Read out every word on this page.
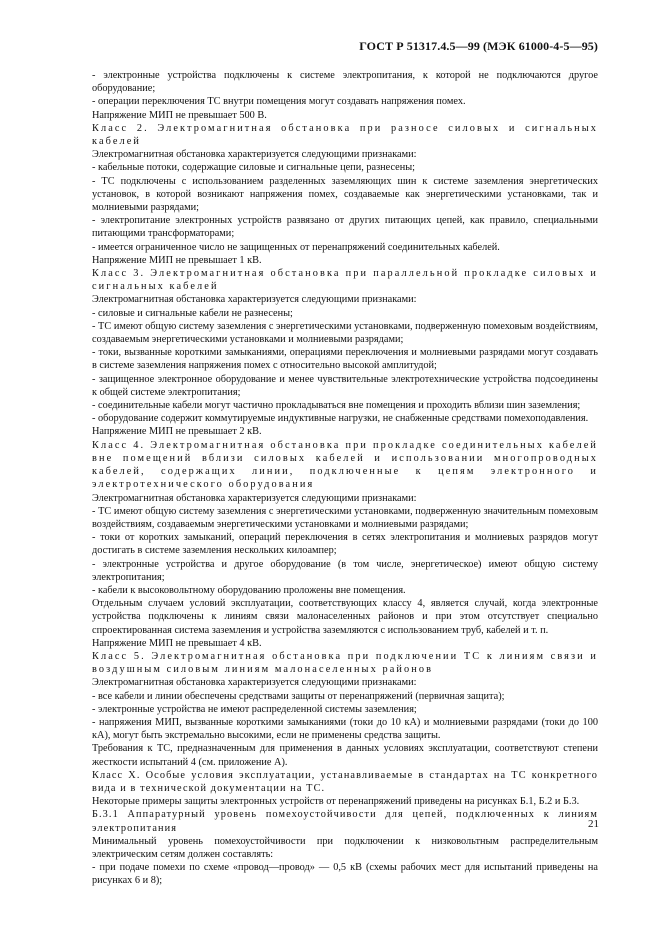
ГОСТ Р 51317.4.5—99 (МЭК 61000-4-5—95)

- электронные устройства подключены к системе электропитания, к которой не подключаются другое оборудование;

- операции переключения ТС внутри помещения могут создавать напряжения помех.

Напряжение МИП не превышает 500 В.

Класс 2. Электромагнитная обстановка при разносе силовых и сигнальных кабелей

Электромагнитная обстановка характеризуется следующими признаками:

- кабельные потоки, содержащие силовые и сигнальные цепи, разнесены;

- ТС подключены с использованием разделенных заземляющих шин к системе заземления энергетических установок, в которой возникают напряжения помех, создаваемые как энергетическими установками, так и молниевыми разрядами;

- электропитание электронных устройств развязано от других питающих цепей, как правило, специальными питающими трансформаторами;

- имеется ограниченное число не защищенных от перенапряжений соединительных кабелей.

Напряжение МИП не превышает 1 кВ.

Класс 3. Электромагнитная обстановка при параллельной прокладке силовых и сигнальных кабелей

Электромагнитная обстановка характеризуется следующими признаками:

- силовые и сигнальные кабели не разнесены;

- ТС имеют общую систему заземления с энергетическими установками, подверженную помеховым воздействиям, создаваемым энергетическими установками и молниевыми разрядами;

- токи, вызванные короткими замыканиями, операциями переключения и молниевыми разрядами могут создавать в системе заземления напряжения помех с относительно высокой амплитудой;

- защищенное электронное оборудование и менее чувствительные электротехнические устройства подсоединены к общей системе электропитания;

- соединительные кабели могут частично прокладываться вне помещения и проходить вблизи шин заземления;

- оборудование содержит коммутируемые индуктивные нагрузки, не снабженные средствами помехоподавления.

Напряжение МИП не превышает 2 кВ.

Класс 4. Электромагнитная обстановка при прокладке соединительных кабелей вне помещений вблизи силовых кабелей и использовании многопроводных кабелей, содержащих линии, подключенные к цепям электронного и электротехнического оборудования

Электромагнитная обстановка характеризуется следующими признаками:

- ТС имеют общую систему заземления с энергетическими установками, подверженную значительным помеховым воздействиям, создаваемым энергетическими установками и молниевыми разрядами;

- токи от коротких замыканий, операций переключения в сетях электропитания и молниевых разрядов могут достигать в системе заземления нескольких килоампер;

- электронные устройства и другое оборудование (в том числе, энергетическое) имеют общую систему электропитания;

- кабели к высоковольтному оборудованию проложены вне помещения.

Отдельным случаем условий эксплуатации, соответствующих классу 4, является случай, когда электронные устройства подключены к линиям связи малонаселенных районов и при этом отсутствует специально спроектированная система заземления и устройства заземляются с использованием труб, кабелей и т. п.

Напряжение МИП не превышает 4 кВ.

Класс 5. Электромагнитная обстановка при подключении ТС к линиям связи и воздушным силовым линиям малонаселенных районов

Электромагнитная обстановка характеризуется следующими признаками:

- все кабели и линии обеспечены средствами защиты от перенапряжений (первичная защита);

- электронные устройства не имеют распределенной системы заземления;

- напряжения МИП, вызванные короткими замыканиями (токи до 10 кА) и молниевыми разрядами (токи до 100 кА), могут быть экстремально высокими, если не применены средства защиты.

Требования к ТС, предназначенным для применения в данных условиях эксплуатации, соответствуют степени жесткости испытаний 4 (см. приложение А).

Класс Х. Особые условия эксплуатации, устанавливаемые в стандартах на ТС конкретного вида и в технической документации на ТС.

Некоторые примеры защиты электронных устройств от перенапряжений приведены на рисунках Б.1, Б.2 и Б.3.

Б.3.1 Аппаратурный уровень помехоустойчивости для цепей, подключенных к линиям электропитания

Минимальный уровень помехоустойчивости при подключении к низковольтным распределительным электрическим сетям должен составлять:

- при подаче помехи по схеме «провод—провод» — 0,5 кВ (схемы рабочих мест для испытаний приведены на рисунках 6 и 8);

21
